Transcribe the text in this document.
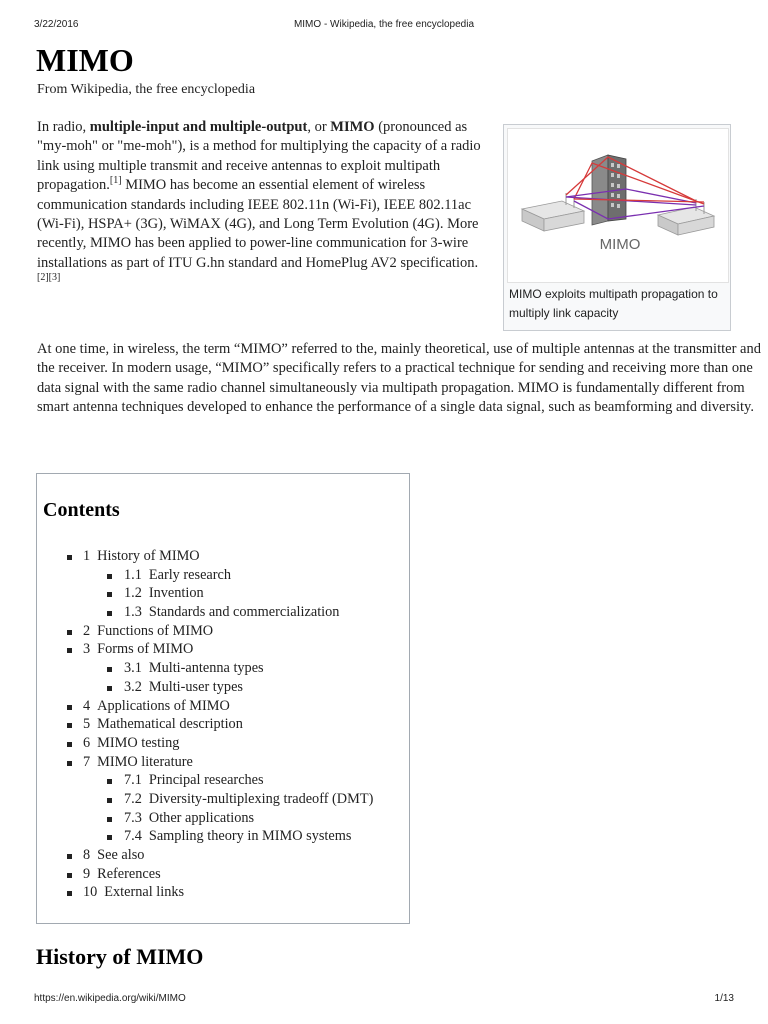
3/22/2016	MIMO - Wikipedia, the free encyclopedia
MIMO
From Wikipedia, the free encyclopedia

In radio, multiple-input and multiple-output, or MIMO (pronounced as "my-moh" or "me-moh"), is a method for multiplying the capacity of a radio link using multiple transmit and receive antennas to exploit multipath propagation.[1] MIMO has become an essential element of wireless communication standards including IEEE 802.11n (Wi-Fi), IEEE 802.11ac (Wi-Fi), HSPA+ (3G), WiMAX (4G), and Long Term Evolution (4G). More recently, MIMO has been applied to power-line communication for 3-wire installations as part of ITU G.hn standard and HomePlug AV2 specification.[2][3]

MIMO
MIMO exploits multipath propagation to multiply link capacity

At one time, in wireless, the term “MIMO” referred to the, mainly theoretical, use of multiple antennas at the transmitter and the receiver. In modern usage, “MIMO” specifically refers to a practical technique for sending and receiving more than one data signal with the same radio channel simultaneously via multipath propagation. MIMO is fundamentally different from smart antenna techniques developed to enhance the performance of a single data signal, such as beamforming and diversity.

Contents
1 History of MIMO
1.1 Early research
1.2 Invention
1.3 Standards and commercialization
2 Functions of MIMO
3 Forms of MIMO
3.1 Multi-antenna types
3.2 Multi-user types
4 Applications of MIMO
5 Mathematical description
6 MIMO testing
7 MIMO literature
7.1 Principal researches
7.2 Diversity-multiplexing tradeoff (DMT)
7.3 Other applications
7.4 Sampling theory in MIMO systems
8 See also
9 References
10 External links
History of MIMO
https://en.wikipedia.org/wiki/MIMO	1/13
